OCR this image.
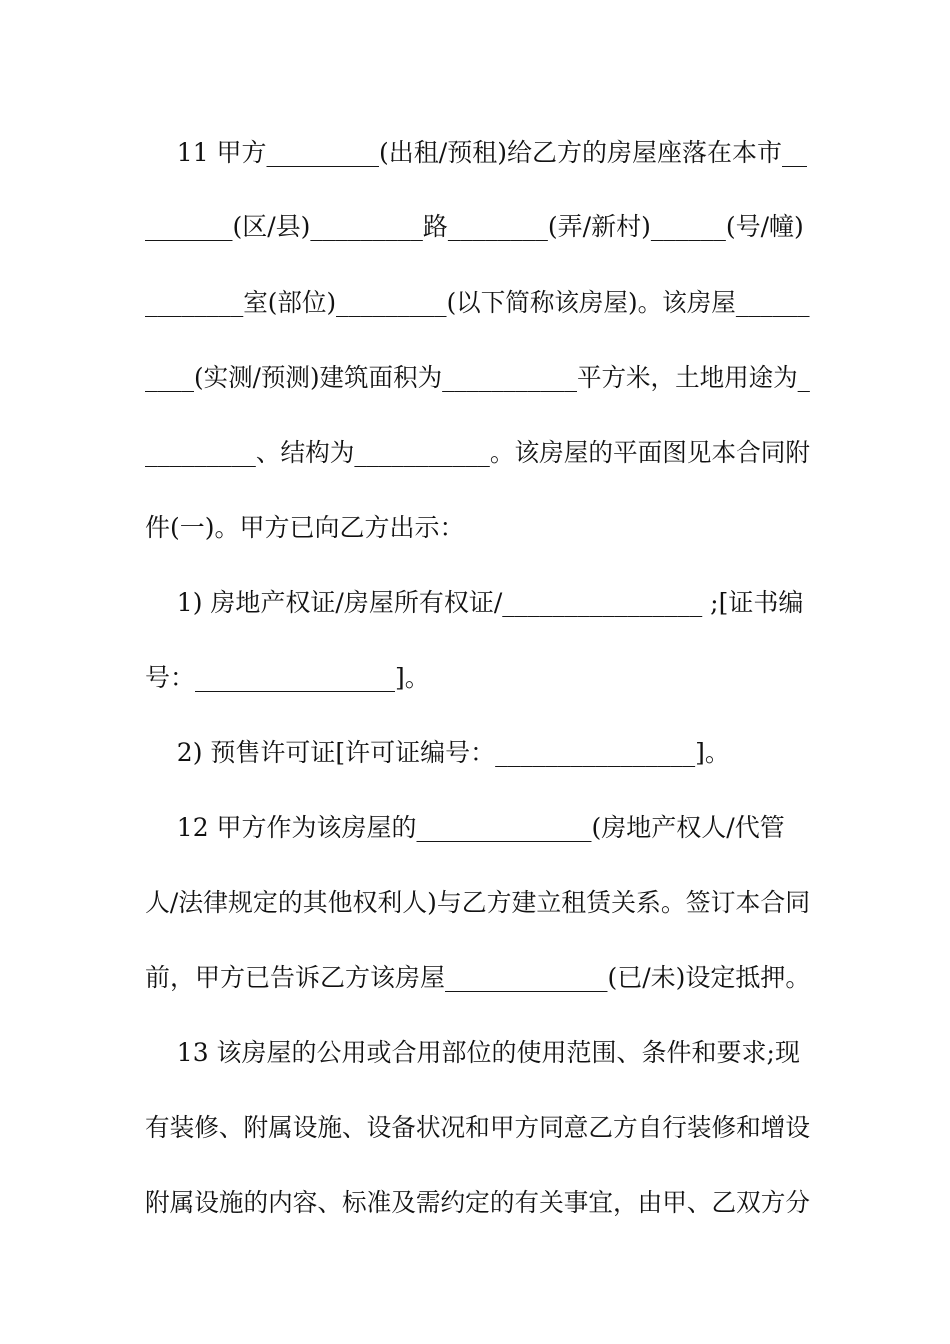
11 甲方_________(出租/预租)给乙方的房屋座落在本市__
_______(区/县)_________路________(弄/新村)______(号/幢)
________室(部位)_________(以下简称该房屋)。该房屋______
____(实测/预测)建筑面积为___________平方米，土地用途为_
_________、结构为___________。该房屋的平面图见本合同附
件(一)。甲方已向乙方出示：
1) 房地产权证/房屋所有权证/________________ ;[证书编
号：________________]。
2) 预售许可证[许可证编号：________________]。
12 甲方作为该房屋的______________(房地产权人/代管
人/法律规定的其他权利人)与乙方建立租赁关系。签订本合同
前，甲方已告诉乙方该房屋_____________(已/未)设定抵押。
13 该房屋的公用或合用部位的使用范围、条件和要求;现
有装修、附属设施、设备状况和甲方同意乙方自行装修和增设
附属设施的内容、标准及需约定的有关事宜，由甲、乙双方分
